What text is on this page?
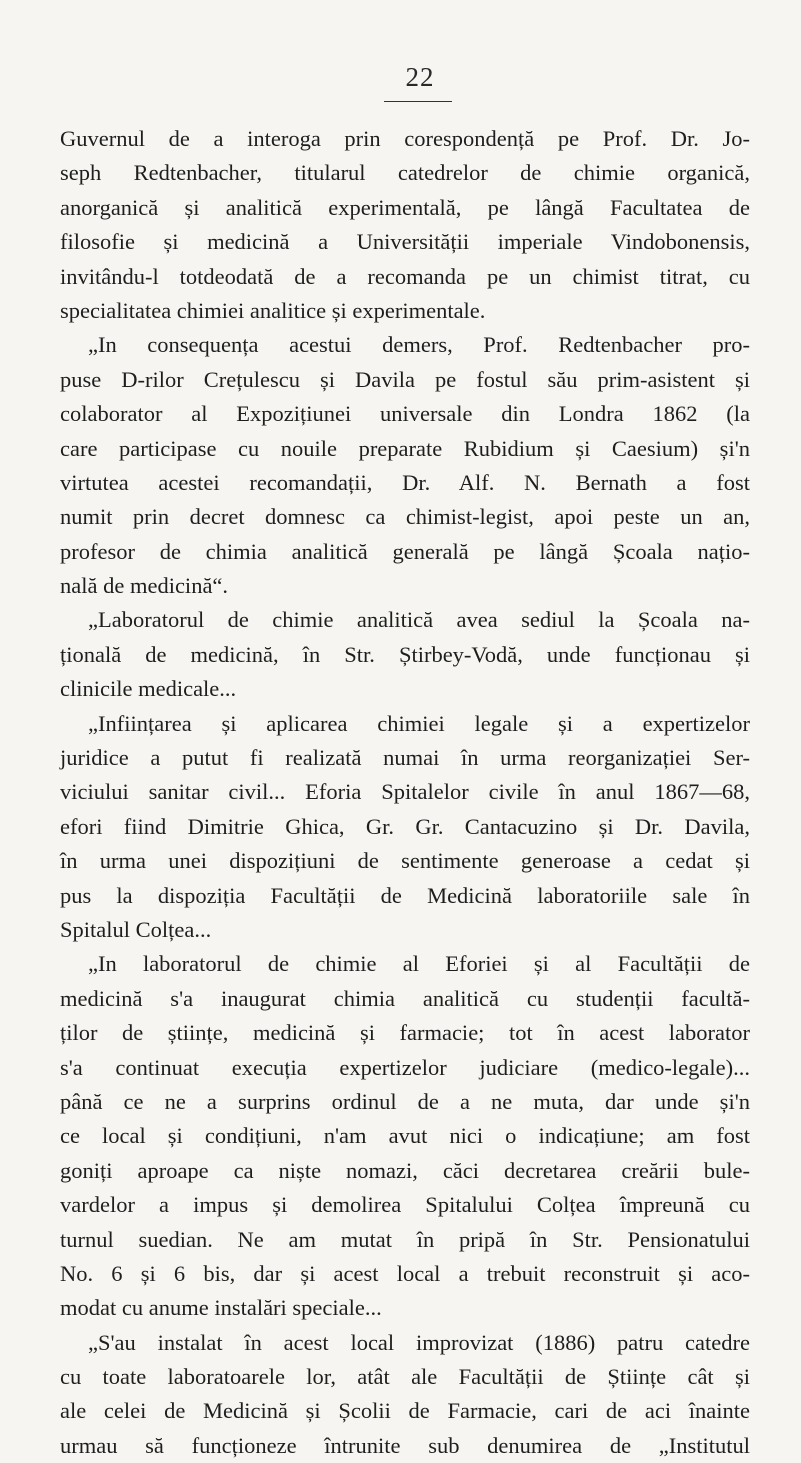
22
Guvernul de a interoga prin corespondență pe Prof. Dr. Jo-
seph Redtenbacher, titularul catedrelor de chimie organică,
anorganică și analitică experimentală, pe lângă Facultatea de
filosofie și medicină a Universității imperiale Vindobonensis,
invitându-l totdeodată de a recomanda pe un chimist titrat, cu
specialitatea chimiei analitice și experimentale.
„In consequența acestui demers, Prof. Redtenbacher pro-
puse D-rilor Crețulescu și Davila pe fostul său prim-asistent și
colaborator al Expozițiunei universale din Londra 1862 (la
care participase cu nouile preparate Rubidium și Caesium) și'n
virtutea acestei recomandații, Dr. Alf. N. Bernath a fost
numit prin decret domnesc ca chimist-legist, apoi peste un an,
profesor de chimia analitică generală pe lângă Școala națio-
nală de medicină“.
„Laboratorul de chimie analitică avea sediul la Școala na-
țională de medicină, în Str. Știrbey-Vodă, unde funcționau și
clinicile medicale...
„Inființarea și aplicarea chimiei legale și a expertizelor
juridice a putut fi realizată numai în urma reorganizației Ser-
viciului sanitar civil... Eforia Spitalelor civile în anul 1867—68,
efori fiind Dimitrie Ghica, Gr. Gr. Cantacuzino și Dr. Davila,
în urma unei dispozițiuni de sentimente generoase a cedat și
pus la dispoziția Facultății de Medicină laboratoriile sale în
Spitalul Colțea...
„In laboratorul de chimie al Eforiei și al Facultății de
medicină s'a inaugurat chimia analitică cu studenții facultă-
ților de științe, medicină și farmacie; tot în acest laborator
s'a continuat execuția expertizelor judiciare (medico-legale)...
până ce ne a surprins ordinul de a ne muta, dar unde și'n
ce local și condițiuni, n'am avut nici o indicațiune; am fost
goniți aproape ca niște nomazi, căci decretarea creării bule-
vardelor a impus și demolirea Spitalului Colțea împreună cu
turnul suedian. Ne am mutat în pripă în Str. Pensionatului
No. 6 și 6 bis, dar și acest local a trebuit reconstruit și aco-
modat cu anume instalări speciale...
„S'au instalat în acest local improvizat (1886) patru catedre
cu toate laboratoarele lor, atât ale Facultății de Științe cât și
ale celei de Medicină și Școlii de Farmacie, cari de aci înainte
urmau să funcționeze întrunite sub denumirea de „Institutul
